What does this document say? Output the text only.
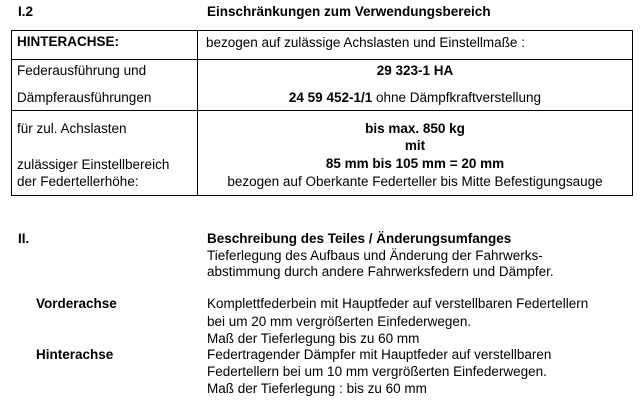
I.2	Einschränkungen zum Verwendungsbereich
HINTERACHSE:	bezogen auf zulässige Achslasten und Einstellmaße :
Federausführung und	29 323-1 HA
Dämpferausführungen	24 59 452-1/1 ohne Dämpfkraftverstellung
für zul. Achslasten	bis max. 850 kg
mit
zulässiger Einstellbereich	85 mm bis 105 mm = 20 mm
der Federtellerhöhe:	bezogen auf Oberkante Federteller bis Mitte Befestigungsauge
II.	Beschreibung des Teiles / Änderungsumfanges
Tieferlegung des Aufbaus und Änderung der Fahrwerks-
abstimmung durch andere Fahrwerksfedern und Dämpfer.
Vorderachse	Komplettfederbein mit Hauptfeder auf verstellbaren Federtellern
bei um 20 mm vergrößerten Einfederwegen.
Maß der Tieferlegung bis zu 60 mm
Hinterachse	Federtragender Dämpfer mit Hauptfeder auf verstellbaren
Federtellern bei um 10 mm vergrößerten Einfederwegen.
Maß der Tieferlegung : bis zu 60 mm
